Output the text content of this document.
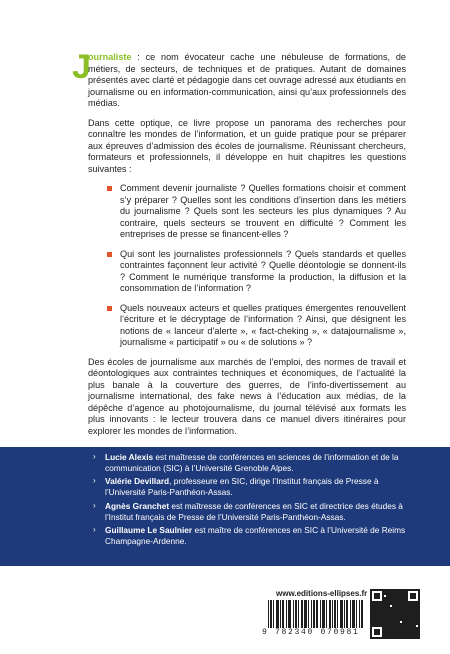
J
ournaliste : ce nom évocateur cache une nébuleuse de formations, de métiers, de secteurs, de techniques et de pratiques. Autant de domaines présentés avec clarté et pédagogie dans cet ouvrage adressé aux étudiants en journalisme ou en information-communication, ainsi qu’aux professionnels des médias.

Dans cette optique, ce livre propose un panorama des recherches pour connaître les mondes de l’information, et un guide pratique pour se préparer aux épreuves d’admission des écoles de journalisme. Réunissant chercheurs, formateurs et professionnels, il développe en huit chapitres les questions suivantes :

Comment devenir journaliste ? Quelles formations choisir et comment s’y préparer ? Quelles sont les conditions d’insertion dans les métiers du journalisme ? Quels sont les secteurs les plus dynamiques ? Au contraire, quels secteurs se trouvent en difficulté ? Comment les entreprises de presse se financent-elles ?
Qui sont les journalistes professionnels ? Quels standards et quelles contraintes façonnent leur activité ? Quelle déontologie se donnent-ils ? Comment le numérique transforme la production, la diffusion et la consommation de l’information ?
Quels nouveaux acteurs et quelles pratiques émergentes renouvellent l’écriture et le décryptage de l’information ? Ainsi, que désignent les notions de « lanceur d’alerte », « fact-cheking », « datajournalisme », journalisme « participatif » ou « de solutions » ?

Des écoles de journalisme aux marchés de l’emploi, des normes de travail et déontologiques aux contraintes techniques et économiques, de l’actualité la plus banale à la couverture des guerres, de l’info-divertissement au journalisme international, des fake news à l’éducation aux médias, de la dépêche d’agence au photojournalisme, du journal télévisé aux formats les plus innovants : le lecteur trouvera dans ce manuel divers itinéraires pour explorer les mondes de l’information.

› Lucie Alexis est maîtresse de conférences en sciences de l’information et de la communication (SIC) à l’Université Grenoble Alpes.
› Valérie Devillard, professeure en SIC, dirige l’Institut français de Presse à l’Université Paris-Panthéon-Assas.
› Agnès Granchet est maîtresse de conférences en SIC et directrice des études à l’Institut français de Presse de l’Université Paris-Panthéon-Assas.
› Guillaume Le Saulnier est maître de conférences en SIC à l’Université de Reims Champagne-Ardenne.
www.editions-ellipses.fr
9 782340 070981
